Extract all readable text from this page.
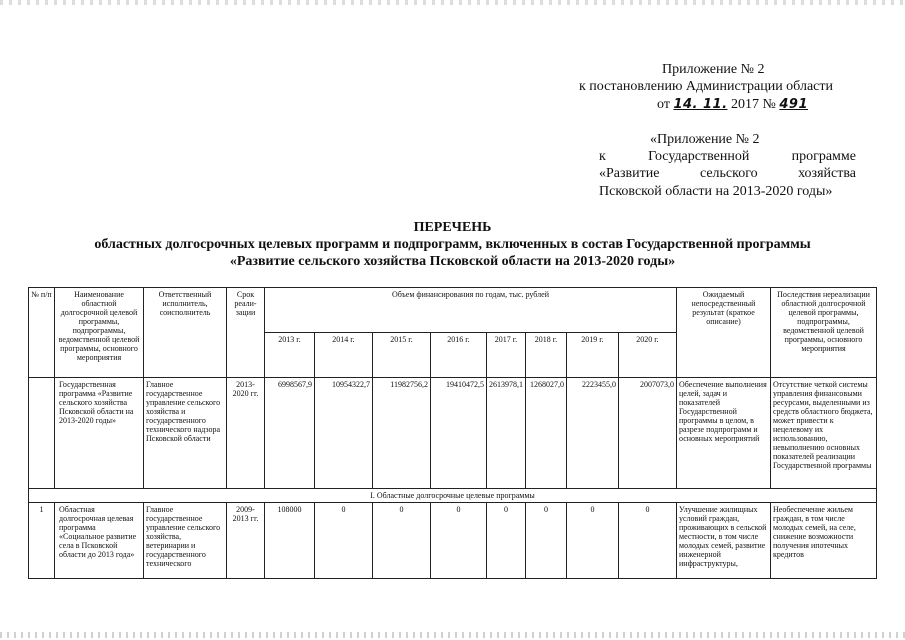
Приложение № 2
к постановлению Администрации области
от 14. 11. 2017 № 491
«Приложение № 2
к	Государственной	программе
«Развитие	сельского	хозяйства
Псковской области на 2013-2020 годы»
ПЕРЕЧЕНЬ
областных долгосрочных целевых программ и подпрограмм, включенных в состав Государственной программы
«Развитие сельского хозяйства Псковской области на 2013-2020 годы»
№ п/п	Наименование областной долгосрочной целевой программы, подпрограммы, ведомственной целевой программы, основного мероприятия	Ответственный исполнитель, соисполнитель	Срок реали-зации	Объем финансирования по годам, тыс. рублей								Ожидаемый непосредственный результат (краткое описание)	Последствия нереализации областной долгосрочной целевой программы, подпрограммы, ведомственной целевой программы, основного мероприятия
				2013 г.	2014 г.	2015 г.	2016 г.	2017 г.	2018 г.	2019 г.	2020 г.		
	Государственная программа «Развитие сельского хозяйства Псковской области на 2013-2020 годы»	Главное государственное управление сельского хозяйства и государственного технического надзора Псковской области	2013-2020 гг.	6998567,9	10954322,7	11982756,2	19410472,5	2613978,1	1268027,0	2223455,0	2007073,0	Обеспечение выполнения целей, задач и показателей Государственной программы в целом, в разрезе подпрограмм и основных мероприятий	Отсутствие четкой системы управления финансовыми ресурсами, выделенными из средств областного бюджета, может привести к нецелевому их использованию, невыполнению основных показателей реализации Государственной программы
I. Областные долгосрочные целевые программы													
1	Областная долгосрочная целевая программа «Социальное развитие села в Псковской области до 2013 года»	Главное государственное управление сельского хозяйства, ветеринарии и государственного технического	2009-2013 гг.	108000	0	0	0	0	0	0	0	Улучшение жилищных условий граждан, проживающих в сельской местности, в том числе молодых семей, развитие инженерной инфраструктуры,	Необеспечение жильем граждан, в том числе молодых семей, на селе, снижение возможности получения ипотечных кредитов
